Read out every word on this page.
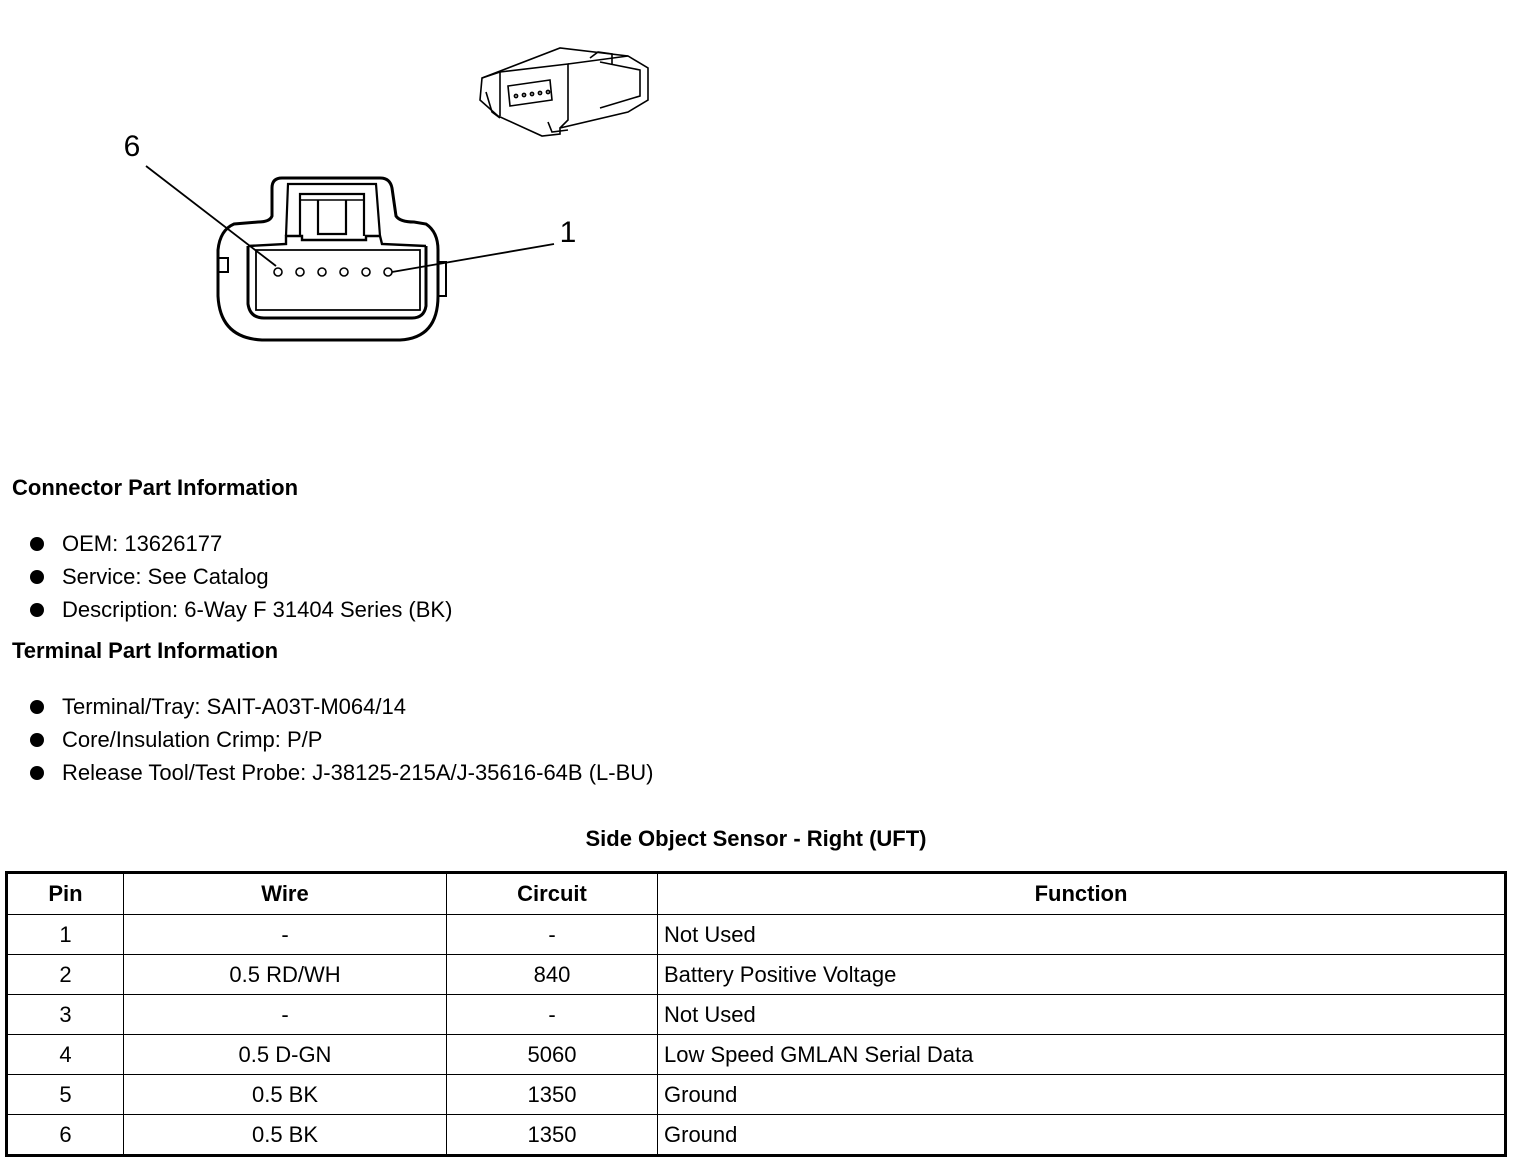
6
1
Connector Part Information
OEM: 13626177
Service: See Catalog
Description: 6-Way F 31404 Series (BK)
Terminal Part Information
Terminal/Tray: SAIT-A03T-M064/14
Core/Insulation Crimp: P/P
Release Tool/Test Probe: J-38125-215A/J-35616-64B (L-BU)
Side Object Sensor - Right (UFT)
Pin	Wire	Circuit	Function
1	-	-	Not Used
2	0.5 RD/WH	840	Battery Positive Voltage
3	-	-	Not Used
4	0.5 D-GN	5060	Low Speed GMLAN Serial Data
5	0.5 BK	1350	Ground
6	0.5 BK	1350	Ground
